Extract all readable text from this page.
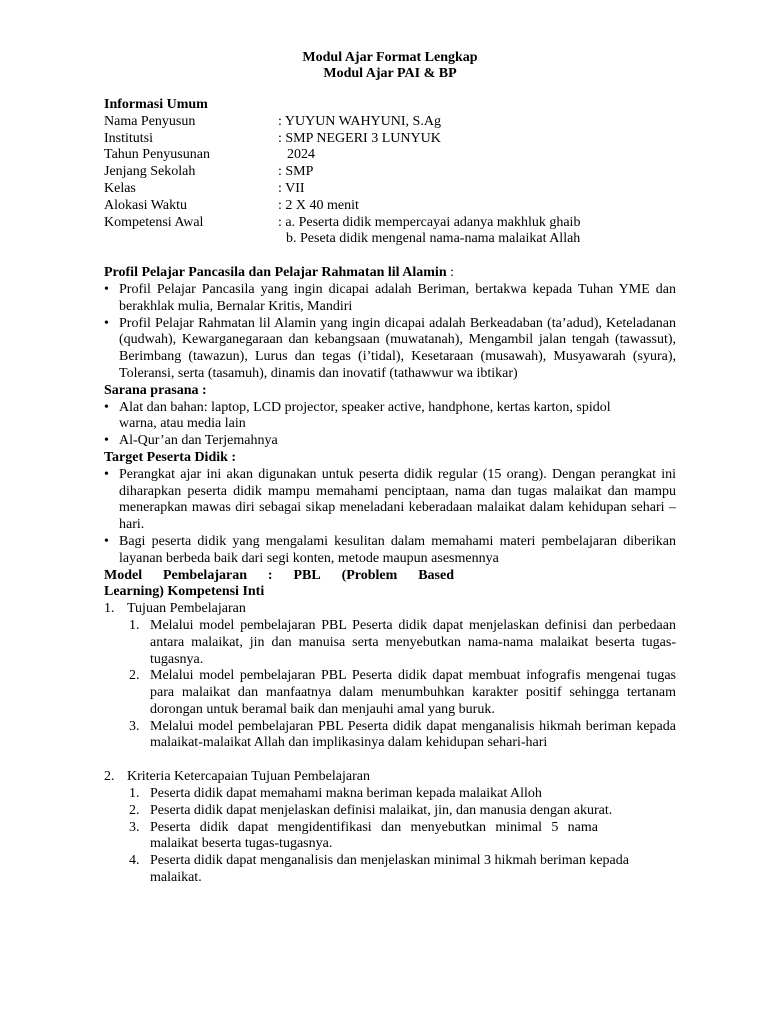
Modul Ajar Format Lengkap
Modul Ajar PAI & BP
Informasi Umum
Nama Penyusun	: YUYUN WAHYUNI, S.Ag
Institutsi	: SMP NEGERI 3 LUNYUK
Tahun Penyusunan	2024
Jenjang Sekolah	: SMP
Kelas	: VII
Alokasi Waktu	: 2 X 40 menit
Kompetensi Awal	: a. Peserta didik mempercayai adanya makhluk ghaib
b. Peseta didik mengenal nama-nama malaikat Allah
Profil Pelajar Pancasila dan Pelajar Rahmatan lil Alamin :
• Profil Pelajar Pancasila yang ingin dicapai adalah Beriman, bertakwa kepada Tuhan YME dan berakhlak mulia, Bernalar Kritis, Mandiri
• Profil Pelajar Rahmatan lil Alamin yang ingin dicapai adalah Berkeadaban (ta’adud), Keteladanan (qudwah), Kewarganegaraan dan kebangsaan (muwatanah), Mengambil jalan tengah (tawassut), Berimbang (tawazun), Lurus dan tegas (i’tidal), Kesetaraan (musawah), Musyawarah (syura), Toleransi, serta (tasamuh), dinamis dan inovatif (tathawwur wa ibtikar)
Sarana prasana :
• Alat dan bahan: laptop, LCD projector, speaker active, handphone, kertas karton, spidol warna, atau media lain
• Al-Qur’an dan Terjemahnya
Target Peserta Didik :
• Perangkat ajar ini akan digunakan untuk peserta didik regular (15 orang). Dengan perangkat ini diharapkan peserta didik mampu memahami penciptaan, nama dan tugas malaikat dan mampu menerapkan mawas diri sebagai sikap meneladani keberadaan malaikat dalam kehidupan sehari – hari.
• Bagi peserta didik yang mengalami kesulitan dalam memahami materi pembelajaran diberikan layanan berbeda baik dari segi konten, metode maupun asesmennya
Model Pembelajaran : PBL (Problem Based
Learning) Kompetensi Inti
1. Tujuan Pembelajaran
1. Melalui model pembelajaran PBL Peserta didik dapat menjelaskan definisi dan perbedaan antara malaikat, jin dan manuisa serta menyebutkan nama-nama malaikat beserta tugas-tugasnya.
2. Melalui model pembelajaran PBL Peserta didik dapat membuat infografis mengenai tugas para malaikat dan manfaatnya dalam menumbuhkan karakter positif sehingga tertanam dorongan untuk beramal baik dan menjauhi amal yang buruk.
3. Melalui model pembelajaran PBL Peserta didik dapat menganalisis hikmah beriman kepada malaikat-malaikat Allah dan implikasinya dalam kehidupan sehari-hari
2. Kriteria Ketercapaian Tujuan Pembelajaran
1. Peserta didik dapat memahami makna beriman kepada malaikat Alloh
2. Peserta didik dapat menjelaskan definisi malaikat, jin, dan manusia dengan akurat.
3. Peserta didik dapat mengidentifikasi dan menyebutkan minimal 5 nama malaikat beserta tugas-tugasnya.
4. Peserta didik dapat menganalisis dan menjelaskan minimal 3 hikmah beriman kepada malaikat.
